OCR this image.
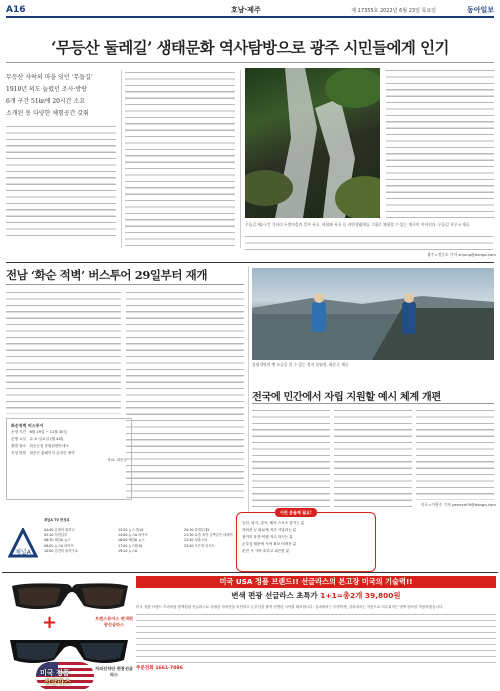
A16	호남·제주	제 17355호 2022년 6월 23일 목요일	동아일보
‘무등산 둘레길’ 생태문화 역사탐방으로 광주 시민들에게 인기
무등산 자락의 마을 잇던 ‘무돌길’
1910년 의도 늘렸던 조사·방랑
6개 구간 51㎞에 20시간 소요
소개된 동 다양한 체험공간 갖춰
무돌길 제2구간 기타리 두암마을의 일부 폭포. 바위와 폭포 등 자연생태계를 그대로 체험할 수 있는 계곡이 이어진다. 무돌길 사무국 제공
광주=정승호 기자 shjung@donga.com
전남 ‘화순 적벽’ 버스투어 29일부터 재개
화순적벽 버스투어
운영 기간 6월 29일 ~ 11월 30일
운행 요일 수·토·일요일 (월 4회)
출발 장소 화순군청 종합관광안내소
신청 방법 화순군 홈페이지 온라인 예약
자료: 화순군
채널A
채널A TV 편성표
04:00 돈벌어 뭐하니
05:10 서민갑부
06:30 채널A 뉴스
08:00 뉴스A 라이브
10:00 김진의 돌직구쇼
12:20 뉴스 톱10
14:00 뉴스A 라이브
16:00 채널A 뉴스
17:00 뉴스톱10
19:20 뉴스A
20:10 강철부대2
21:30 요즘 육아 금쪽같은 내새끼
22:40 청춘스타
23:50 오은영 리포트
물염적벽의 옛 모습을 볼 수 있는 정자 물염정. 화순군 제공
전국에 민간에서 자립 지원할 예시 체계 개편
목포=이형주 기자 peneye09@donga.com
미국 USA 정품 브랜드!! 선글라스의 본고장 미국의 기술력!!
변색 편광 선글라스 초특가 1+1=총2개 39,800원
미국 정품 브랜드 프리미엄 변색편광 선글라스로 강렬한 자외선을 차단하고 눈부심을 줄여 선명한 시야를 확보합니다. 실내에서는 투명하게, 실외에서는 자동으로 어두워지는 변색 렌즈를 적용하였습니다.
주문전화 1661-7086
트랜스퓨어스 변색편광선글라스
+
자외선차단 편광선글라스
미국 정품
선글라스
이런 분들께 필요!
등산, 낚시, 골프, 레저 스포츠 즐기는 분
자외선 눈 피로에 자주 시달리는 분
장거리 운전·여행 자주 하시는 분
눈부심 때문에 시야 확보 어려운 분
운전 시 시야 흐리고 피곤한 분
